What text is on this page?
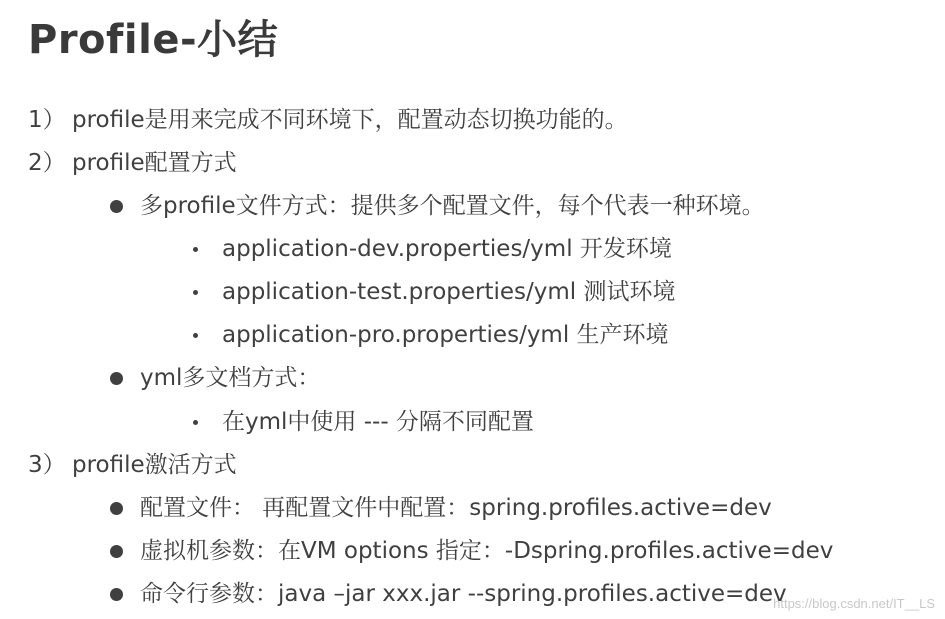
Profile-小结
1） profile是用来完成不同环境下，配置动态切换功能的。
2） profile配置方式
多profile文件方式：提供多个配置文件，每个代表一种环境。
application-dev.properties/yml 开发环境
application-test.properties/yml 测试环境
application-pro.properties/yml 生产环境
yml多文档方式：
在yml中使用 --- 分隔不同配置
3） profile激活方式
配置文件： 再配置文件中配置：spring.profiles.active=dev
虚拟机参数：在VM options 指定：-Dspring.profiles.active=dev
命令行参数：java –jar xxx.jar --spring.profiles.active=dev
https://blog.csdn.net/IT__LS
